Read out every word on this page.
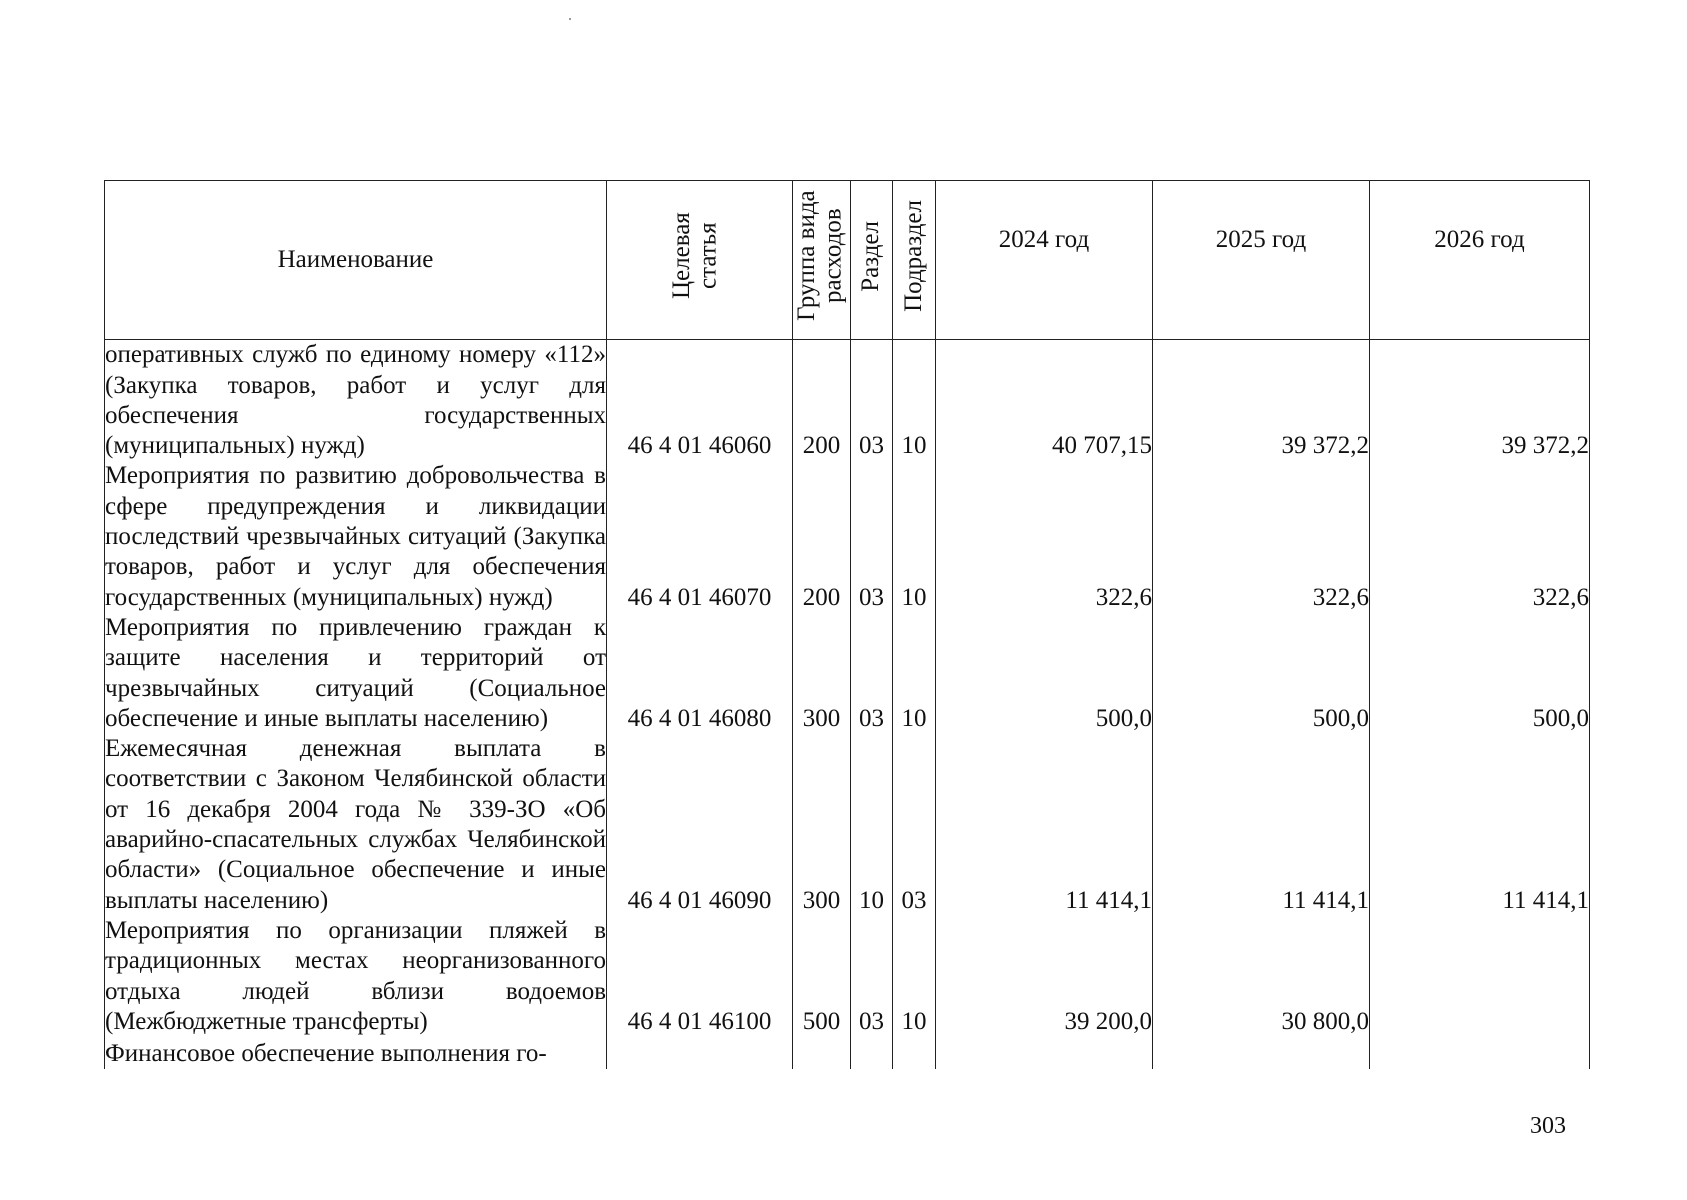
Наименование	Целевая статья	Группа вида расходов	Раздел	Подраздел	2024 год	2025 год	2026 год

оперативных служб по единому номеру «112» (Закупка товаров, работ и услуг для обеспечения государственных (муниципальных) нужд)	46 4 01 46060	200	03	10	40 707,15	39 372,2	39 372,2
Мероприятия по развитию добровольчества в сфере предупреждения и ликвидации последствий чрезвычайных ситуаций (Закупка товаров, работ и услуг для обеспечения государственных (муниципальных) нужд)	46 4 01 46070	200	03	10	322,6	322,6	322,6
Мероприятия по привлечению граждан к защите населения и территорий от чрезвычайных ситуаций (Социальное обеспечение и иные выплаты населению)	46 4 01 46080	300	03	10	500,0	500,0	500,0
Ежемесячная денежная выплата в соответствии с Законом Челябинской области от 16 декабря 2004 года № 339-ЗО «Об аварийно-спасательных службах Челябинской области» (Социальное обеспечение и иные выплаты населению)	46 4 01 46090	300	10	03	11 414,1	11 414,1	11 414,1
Мероприятия по организации пляжей в традиционных местах неорганизованного отдыха людей вблизи водоемов (Межбюджетные трансферты)	46 4 01 46100	500	03	10	39 200,0	30 800,0	
Финансовое обеспечение выполнения го-							
303
